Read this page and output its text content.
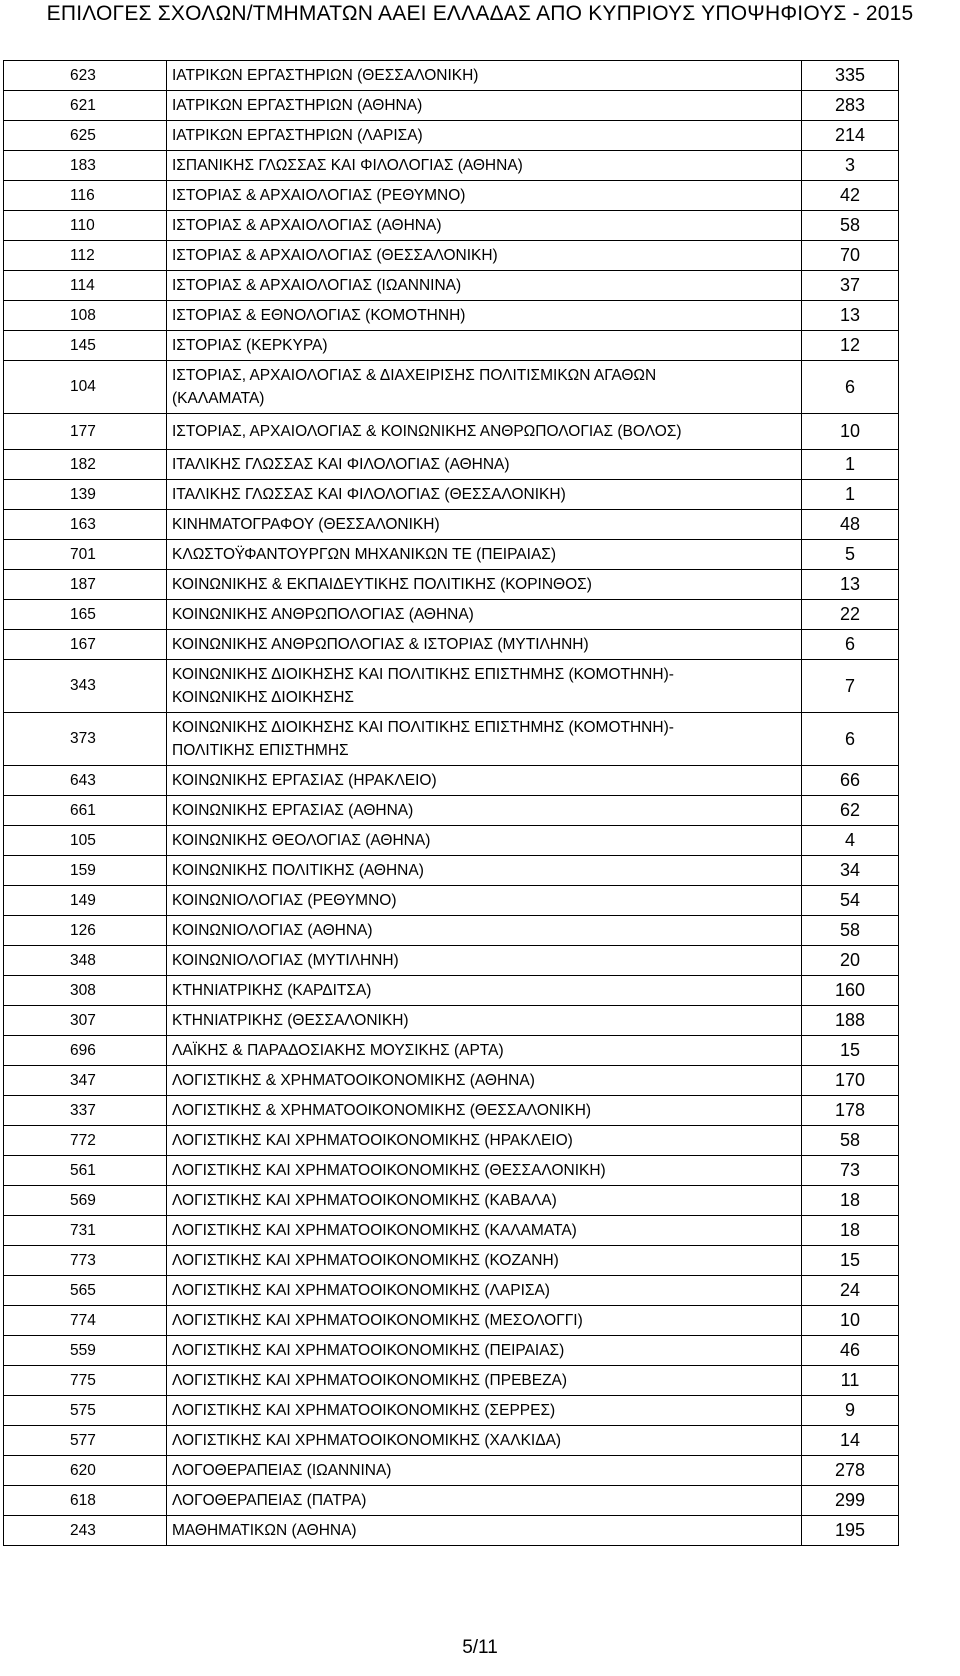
ΕΠΙΛΟΓΕΣ ΣΧΟΛΩΝ/ΤΜΗΜΑΤΩΝ ΑΑΕΙ ΕΛΛΑΔΑΣ ΑΠΟ ΚΥΠΡΙΟΥΣ ΥΠΟΨΗΦΙΟΥΣ - 2015
623	ΙΑΤΡΙΚΩΝ ΕΡΓΑΣΤΗΡΙΩΝ (ΘΕΣΣΑΛΟΝΙΚΗ)	335
621	ΙΑΤΡΙΚΩΝ ΕΡΓΑΣΤΗΡΙΩΝ (ΑΘΗΝΑ)	283
625	ΙΑΤΡΙΚΩΝ ΕΡΓΑΣΤΗΡΙΩΝ (ΛΑΡΙΣΑ)	214
183	ΙΣΠΑΝΙΚΗΣ ΓΛΩΣΣΑΣ ΚΑΙ ΦΙΛΟΛΟΓΙΑΣ (ΑΘΗΝΑ)	3
116	ΙΣΤΟΡΙΑΣ & ΑΡΧΑΙΟΛΟΓΙΑΣ (ΡΕΘΥΜΝΟ)	42
110	ΙΣΤΟΡΙΑΣ & ΑΡΧΑΙΟΛΟΓΙΑΣ (ΑΘΗΝΑ)	58
112	ΙΣΤΟΡΙΑΣ & ΑΡΧΑΙΟΛΟΓΙΑΣ (ΘΕΣΣΑΛΟΝΙΚΗ)	70
114	ΙΣΤΟΡΙΑΣ & ΑΡΧΑΙΟΛΟΓΙΑΣ (ΙΩΑΝΝΙΝΑ)	37
108	ΙΣΤΟΡΙΑΣ & ΕΘΝΟΛΟΓΙΑΣ (ΚΟΜΟΤΗΝΗ)	13
145	ΙΣΤΟΡΙΑΣ (ΚΕΡΚΥΡΑ)	12
104	ΙΣΤΟΡΙΑΣ, ΑΡΧΑΙΟΛΟΓΙΑΣ & ΔΙΑΧΕΙΡΙΣΗΣ ΠΟΛΙΤΙΣΜΙΚΩΝ ΑΓΑΘΩΝ
(ΚΑΛΑΜΑΤΑ)	6
177	ΙΣΤΟΡΙΑΣ, ΑΡΧΑΙΟΛΟΓΙΑΣ & ΚΟΙΝΩΝΙΚΗΣ ΑΝΘΡΩΠΟΛΟΓΙΑΣ (ΒΟΛΟΣ)	10
182	ΙΤΑΛΙΚΗΣ ΓΛΩΣΣΑΣ ΚΑΙ ΦΙΛΟΛΟΓΙΑΣ (ΑΘΗΝΑ)	1
139	ΙΤΑΛΙΚΗΣ ΓΛΩΣΣΑΣ ΚΑΙ ΦΙΛΟΛΟΓΙΑΣ (ΘΕΣΣΑΛΟΝΙΚΗ)	1
163	ΚΙΝΗΜΑΤΟΓΡΑΦΟΥ (ΘΕΣΣΑΛΟΝΙΚΗ)	48
701	ΚΛΩΣΤΟΫΦΑΝΤΟΥΡΓΩΝ ΜΗΧΑΝΙΚΩΝ ΤΕ (ΠΕΙΡΑΙΑΣ)	5
187	ΚΟΙΝΩΝΙΚΗΣ & ΕΚΠΑΙΔΕΥΤΙΚΗΣ ΠΟΛΙΤΙΚΗΣ (ΚΟΡΙΝΘΟΣ)	13
165	ΚΟΙΝΩΝΙΚΗΣ ΑΝΘΡΩΠΟΛΟΓΙΑΣ (ΑΘΗΝΑ)	22
167	ΚΟΙΝΩΝΙΚΗΣ ΑΝΘΡΩΠΟΛΟΓΙΑΣ & ΙΣΤΟΡΙΑΣ (ΜΥΤΙΛΗΝΗ)	6
343	ΚΟΙΝΩΝΙΚΗΣ ΔΙΟΙΚΗΣΗΣ ΚΑΙ ΠΟΛΙΤΙΚΗΣ ΕΠΙΣΤΗΜΗΣ (ΚΟΜΟΤΗΝΗ)-
ΚΟΙΝΩΝΙΚΗΣ ΔΙΟΙΚΗΣΗΣ	7
373	ΚΟΙΝΩΝΙΚΗΣ ΔΙΟΙΚΗΣΗΣ ΚΑΙ ΠΟΛΙΤΙΚΗΣ ΕΠΙΣΤΗΜΗΣ (ΚΟΜΟΤΗΝΗ)-
ΠΟΛΙΤΙΚΗΣ ΕΠΙΣΤΗΜΗΣ	6
643	ΚΟΙΝΩΝΙΚΗΣ ΕΡΓΑΣΙΑΣ (ΗΡΑΚΛΕΙΟ)	66
661	ΚΟΙΝΩΝΙΚΗΣ ΕΡΓΑΣΙΑΣ (ΑΘΗΝΑ)	62
105	ΚΟΙΝΩΝΙΚΗΣ ΘΕΟΛΟΓΙΑΣ (ΑΘΗΝΑ)	4
159	ΚΟΙΝΩΝΙΚΗΣ ΠΟΛΙΤΙΚΗΣ (ΑΘΗΝΑ)	34
149	ΚΟΙΝΩΝΙΟΛΟΓΙΑΣ (ΡΕΘΥΜΝΟ)	54
126	ΚΟΙΝΩΝΙΟΛΟΓΙΑΣ (ΑΘΗΝΑ)	58
348	ΚΟΙΝΩΝΙΟΛΟΓΙΑΣ (ΜΥΤΙΛΗΝΗ)	20
308	ΚΤΗΝΙΑΤΡΙΚΗΣ (ΚΑΡΔΙΤΣΑ)	160
307	ΚΤΗΝΙΑΤΡΙΚΗΣ (ΘΕΣΣΑΛΟΝΙΚΗ)	188
696	ΛΑΪΚΗΣ & ΠΑΡΑΔΟΣΙΑΚΗΣ ΜΟΥΣΙΚΗΣ (ΑΡΤΑ)	15
347	ΛΟΓΙΣΤΙΚΗΣ & ΧΡΗΜΑΤΟΟΙΚΟΝΟΜΙΚΗΣ (ΑΘΗΝΑ)	170
337	ΛΟΓΙΣΤΙΚΗΣ & ΧΡΗΜΑΤΟΟΙΚΟΝΟΜΙΚΗΣ (ΘΕΣΣΑΛΟΝΙΚΗ)	178
772	ΛΟΓΙΣΤΙΚΗΣ ΚΑΙ ΧΡΗΜΑΤΟΟΙΚΟΝΟΜΙΚΗΣ (ΗΡΑΚΛΕΙΟ)	58
561	ΛΟΓΙΣΤΙΚΗΣ ΚΑΙ ΧΡΗΜΑΤΟΟΙΚΟΝΟΜΙΚΗΣ (ΘΕΣΣΑΛΟΝΙΚΗ)	73
569	ΛΟΓΙΣΤΙΚΗΣ ΚΑΙ ΧΡΗΜΑΤΟΟΙΚΟΝΟΜΙΚΗΣ (ΚΑΒΑΛΑ)	18
731	ΛΟΓΙΣΤΙΚΗΣ ΚΑΙ ΧΡΗΜΑΤΟΟΙΚΟΝΟΜΙΚΗΣ (ΚΑΛΑΜΑΤΑ)	18
773	ΛΟΓΙΣΤΙΚΗΣ ΚΑΙ ΧΡΗΜΑΤΟΟΙΚΟΝΟΜΙΚΗΣ (ΚΟΖΑΝΗ)	15
565	ΛΟΓΙΣΤΙΚΗΣ ΚΑΙ ΧΡΗΜΑΤΟΟΙΚΟΝΟΜΙΚΗΣ (ΛΑΡΙΣΑ)	24
774	ΛΟΓΙΣΤΙΚΗΣ ΚΑΙ ΧΡΗΜΑΤΟΟΙΚΟΝΟΜΙΚΗΣ (ΜΕΣΟΛΟΓΓΙ)	10
559	ΛΟΓΙΣΤΙΚΗΣ ΚΑΙ ΧΡΗΜΑΤΟΟΙΚΟΝΟΜΙΚΗΣ (ΠΕΙΡΑΙΑΣ)	46
775	ΛΟΓΙΣΤΙΚΗΣ ΚΑΙ ΧΡΗΜΑΤΟΟΙΚΟΝΟΜΙΚΗΣ (ΠΡΕΒΕΖΑ)	11
575	ΛΟΓΙΣΤΙΚΗΣ ΚΑΙ ΧΡΗΜΑΤΟΟΙΚΟΝΟΜΙΚΗΣ (ΣΕΡΡΕΣ)	9
577	ΛΟΓΙΣΤΙΚΗΣ ΚΑΙ ΧΡΗΜΑΤΟΟΙΚΟΝΟΜΙΚΗΣ (ΧΑΛΚΙΔΑ)	14
620	ΛΟΓΟΘΕΡΑΠΕΙΑΣ (ΙΩΑΝΝΙΝΑ)	278
618	ΛΟΓΟΘΕΡΑΠΕΙΑΣ (ΠΑΤΡΑ)	299
243	ΜΑΘΗΜΑΤΙΚΩΝ (ΑΘΗΝΑ)	195
5/11
